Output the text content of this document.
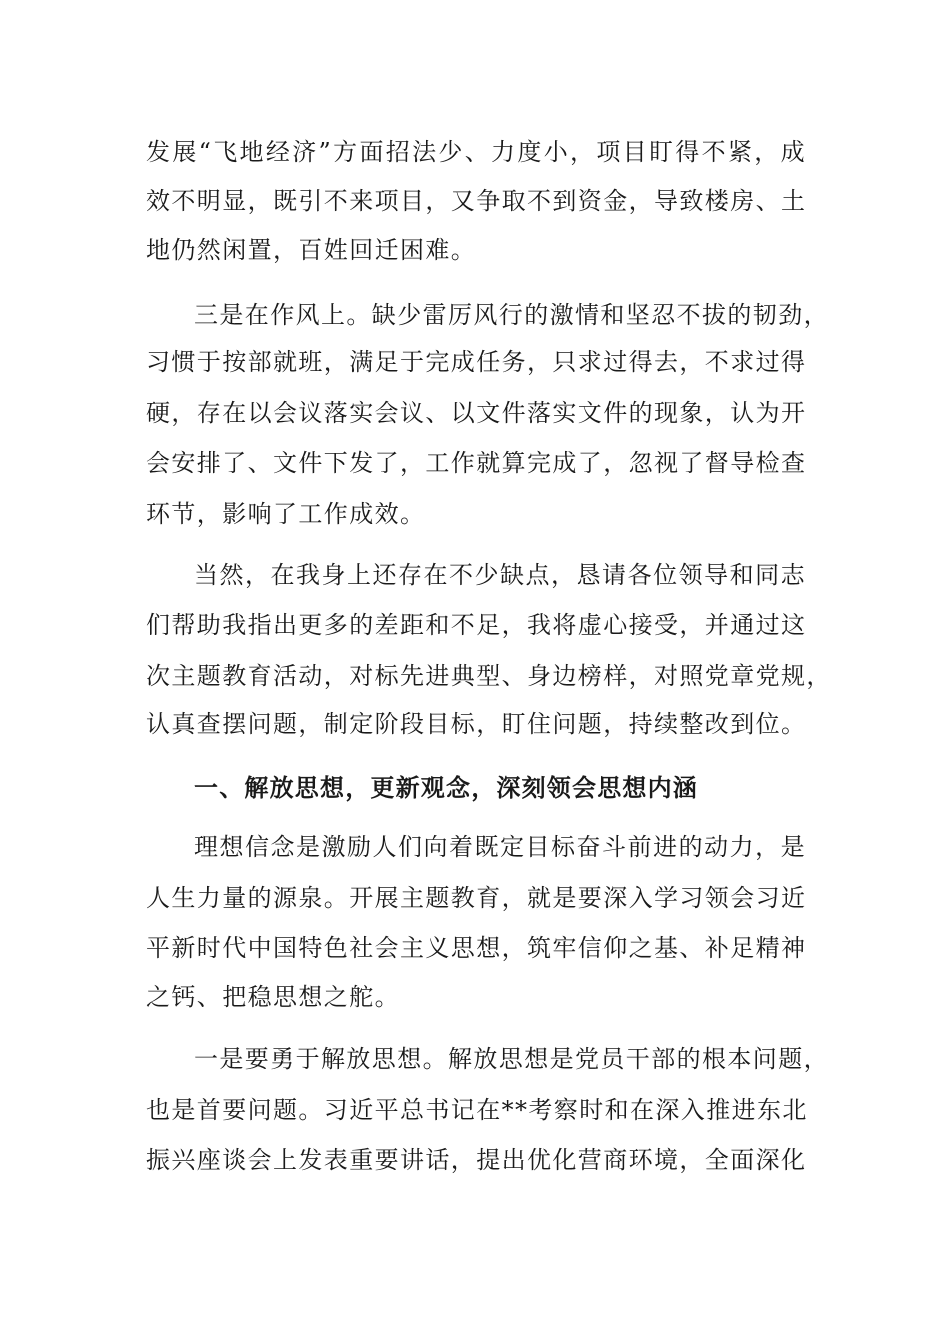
发展“飞地经济”方面招法少、力度小，项目盯得不紧，成
效不明显，既引不来项目，又争取不到资金，导致楼房、土
地仍然闲置，百姓回迁困难。
三是在作风上。缺少雷厉风行的激情和坚忍不拔的韧劲，
习惯于按部就班，满足于完成任务，只求过得去，不求过得
硬，存在以会议落实会议、以文件落实文件的现象，认为开
会安排了、文件下发了，工作就算完成了，忽视了督导检查
环节，影响了工作成效。
当然，在我身上还存在不少缺点，恳请各位领导和同志
们帮助我指出更多的差距和不足，我将虚心接受，并通过这
次主题教育活动，对标先进典型、身边榜样，对照党章党规，
认真查摆问题，制定阶段目标，盯住问题，持续整改到位。
一、解放思想，更新观念，深刻领会思想内涵
理想信念是激励人们向着既定目标奋斗前进的动力，是
人生力量的源泉。开展主题教育，就是要深入学习领会习近
平新时代中国特色社会主义思想，筑牢信仰之基、补足精神
之钙、把稳思想之舵。
一是要勇于解放思想。解放思想是党员干部的根本问题，
也是首要问题。习近平总书记在**考察时和在深入推进东北
振兴座谈会上发表重要讲话，提出优化营商环境，全面深化
